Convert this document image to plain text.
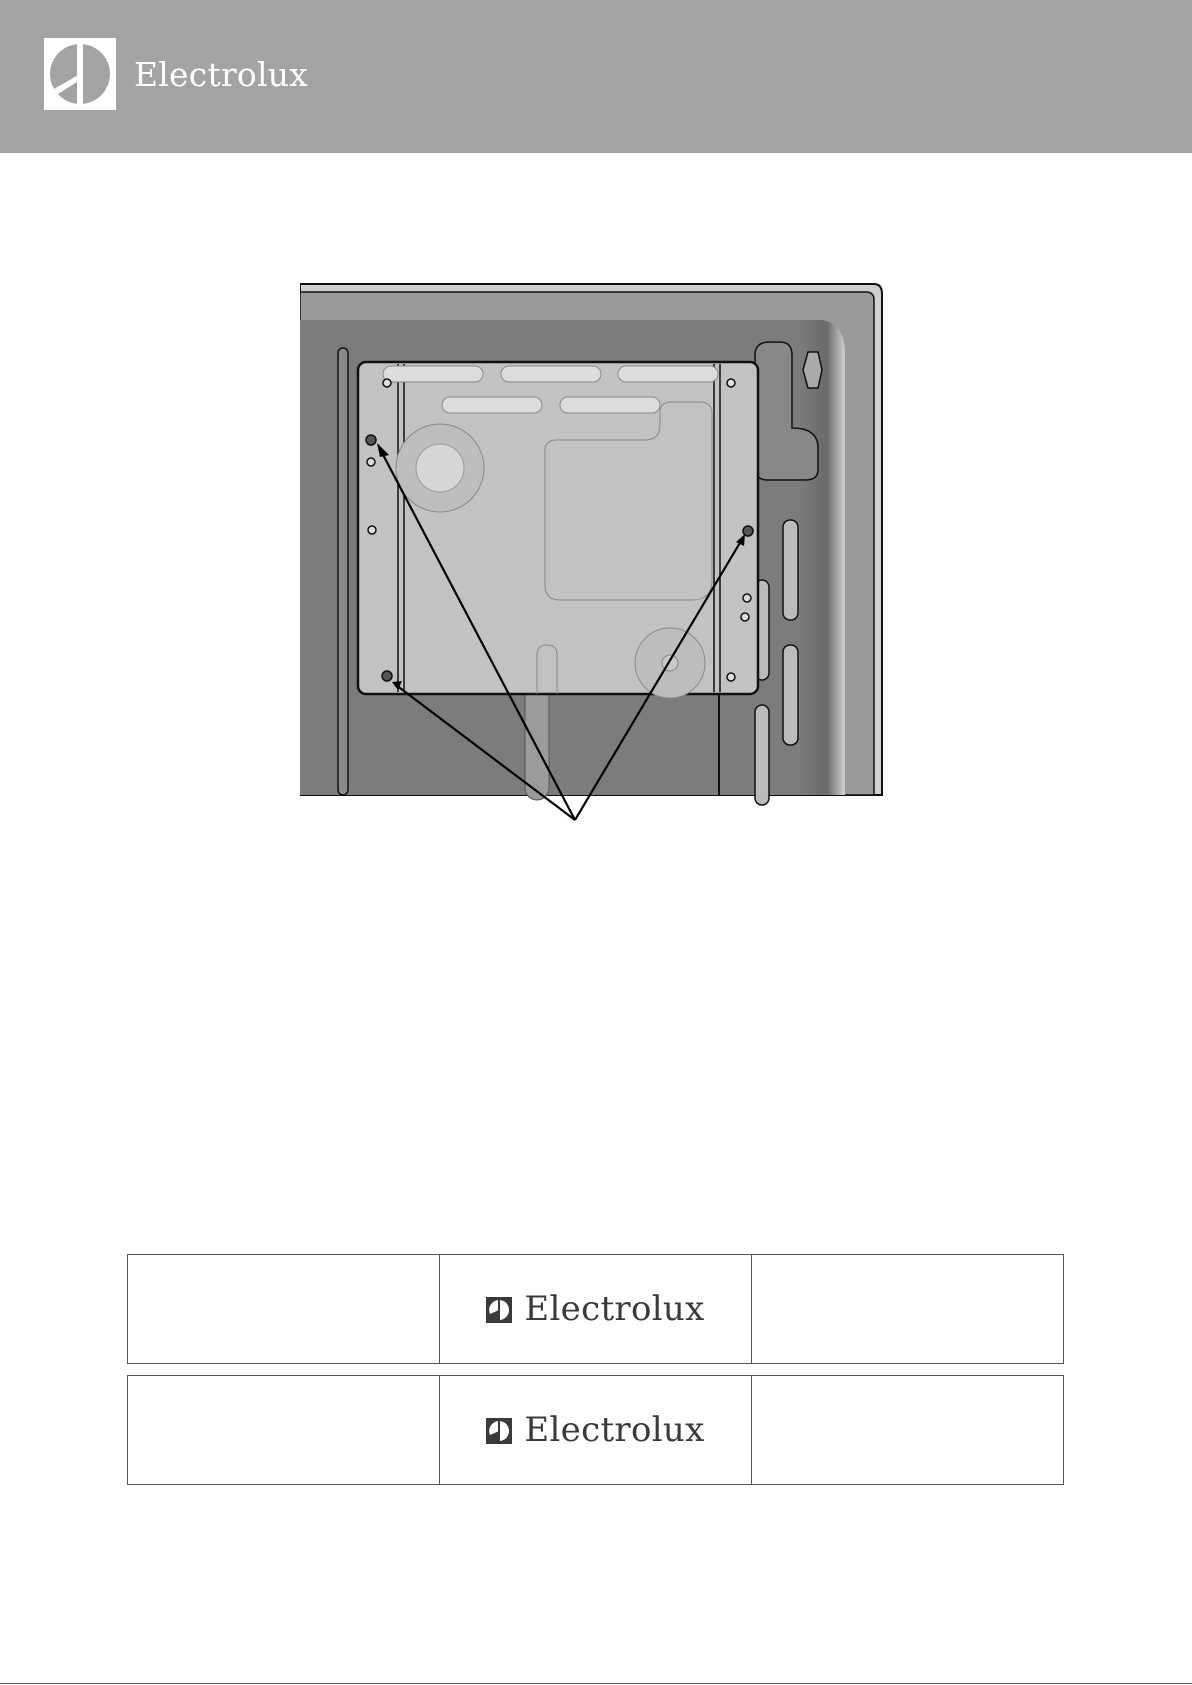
Electrolux
Electrolux
Electrolux
